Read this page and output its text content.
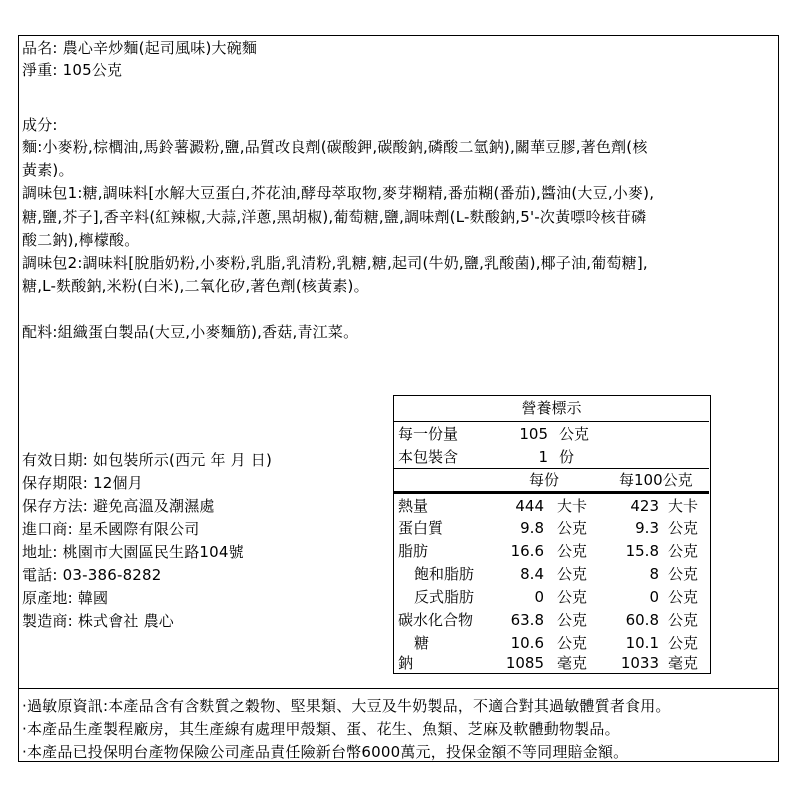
品名: 農心辛炒麵(起司風味)大碗麵
淨重: 105公克
成分:
麵:小麥粉,棕櫚油,馬鈴薯澱粉,鹽,品質改良劑(碳酸鉀,碳酸鈉,磷酸二氫鈉),關華豆膠,著色劑(核
黃素)。
調味包1:糖,調味料[水解大豆蛋白,芥花油,酵母萃取物,麥芽糊精,番茄糊(番茄),醬油(大豆,小麥),
糖,鹽,芥子],香辛料(紅辣椒,大蒜,洋蔥,黑胡椒),葡萄糖,鹽,調味劑(L-麩酸鈉,5'-次黃嘌呤核苷磷
酸二鈉),檸檬酸。
調味包2:調味料[脫脂奶粉,小麥粉,乳脂,乳清粉,乳糖,糖,起司(牛奶,鹽,乳酸菌),椰子油,葡萄糖],
糖,L-麩酸鈉,米粉(白米),二氧化矽,著色劑(核黃素)。
配料:組織蛋白製品(大豆,小麥麵筋),香菇,青江菜。
有效日期: 如包裝所示(西元 年 月 日)
保存期限: 12個月
保存方法: 避免高溫及潮濕處
進口商: 星禾國際有限公司
地址: 桃園市大園區民生路104號
電話: 03-386-8282
原產地: 韓國
製造商: 株式會社 農心
營養標示
每一份量	105 公克
本包裝含	1 份
每份	每100公克
熱量	444 大卡	423 大卡
蛋白質	9.8 公克	9.3 公克
脂肪	16.6 公克	15.8 公克
飽和脂肪	8.4 公克	8 公克
反式脂肪	0 公克	0 公克
碳水化合物	63.8 公克	60.8 公克
糖	10.6 公克	10.1 公克
鈉	1085 毫克	1033 毫克
·過敏原資訊:本產品含有含麩質之穀物、堅果類、大豆及牛奶製品，不適合對其過敏體質者食用。
·本產品生產製程廠房，其生產線有處理甲殼類、蛋、花生、魚類、芝麻及軟體動物製品。
·本產品已投保明台產物保險公司產品責任險新台幣6000萬元，投保金額不等同理賠金額。
